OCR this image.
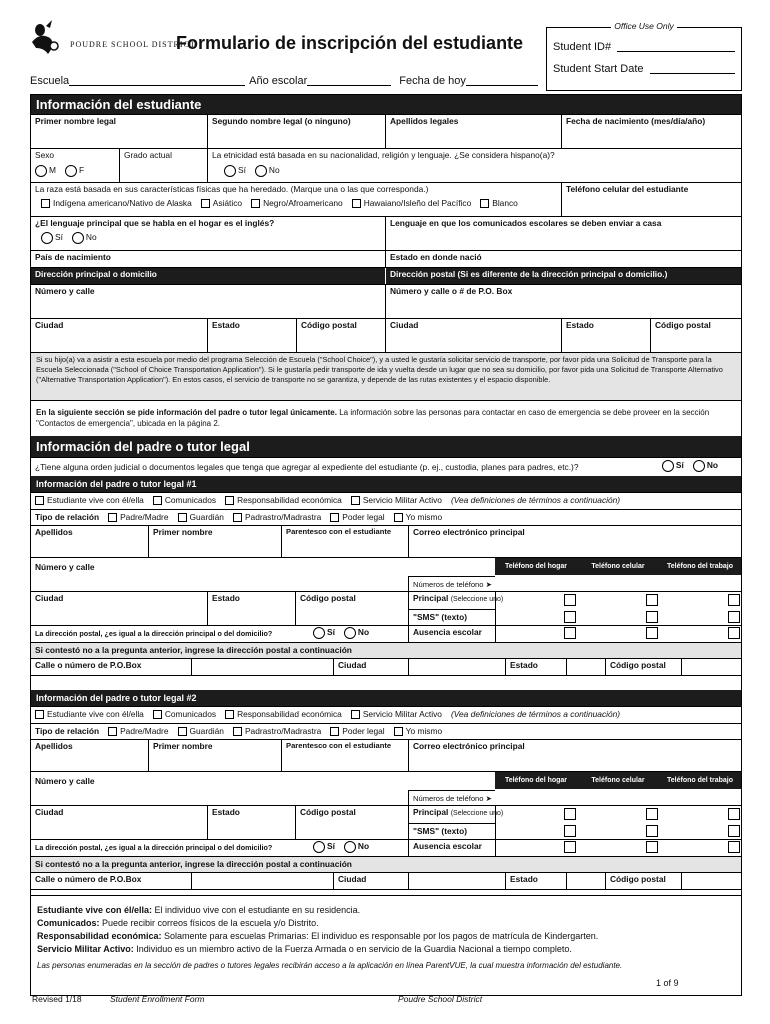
POUDRE SCHOOL DISTRICT
Formulario de inscripción del estudiante
Office Use Only
Student ID#
Student Start Date
Escuela	Año escolar	Fecha de hoy
Información del estudiante
Primer nombre legal	Segundo nombre legal (o ninguno)	Apellidos legales	Fecha de nacimiento (mes/día/año)
Sexo
M	F
Grado actual	La etnicidad está basada en su nacionalidad, religión y lenguaje. ¿Se considera hispano(a)?
Sí	No
La raza está basada en sus características físicas que ha heredado. (Marque una o las que corresponda.)
Indígena americano/Nativo de Alaska	Asiático	Negro/Afroamericano	Hawaiano/Isleño del Pacífico	Blanco
Teléfono celular del estudiante
¿El lenguaje principal que se habla en el hogar es el inglés?
Sí	No
Lenguaje en que los comunicados escolares se deben enviar a casa
País de nacimiento	Estado en donde nació
Dirección principal o domicilio	Dirección postal (Si es diferente de la dirección principal o domicilio.)
Número y calle	Número y calle o # de P.O. Box
Ciudad	Estado	Código postal	Ciudad	Estado	Código postal
Si su hijo(a) va a asistir a esta escuela por medio del programa Selección de Escuela ("School Choice"), y a usted le gustaría solicitar servicio de transporte, por favor pida una Solicitud de Transporte para la Escuela Seleccionada ("School of Choice Transportation Application"). Si le gustaría pedir transporte de ida y vuelta desde un lugar que no sea su domicilio, por favor pida una Solicitud de Transporte Alternativo ("Alternative Transportation Application"). En estos casos, el servicio de transporte no se garantiza, y depende de las rutas existentes y el espacio disponible.
En la siguiente sección se pide información del padre o tutor legal únicamente. La información sobre las personas para contactar en caso de emergencia se debe proveer en la sección "Contactos de emergencia", ubicada en la página 2.
Información del padre o tutor legal
¿Tiene alguna orden judicial o documentos legales que tenga que agregar al expediente del estudiante (p. ej., custodia, planes para padres, etc.)?	Sí	No
Información del padre o tutor legal #1
Estudiante vive con él/ella	Comunicados	Responsabilidad económica	Servicio Militar Activo (Vea definiciones de términos a continuación)
Tipo de relación	Padre/Madre	Guardián	Padrastro/Madrastra	Poder legal	Yo mismo
Apellidos	Primer nombre	Parentesco con el estudiante	Correo electrónico principal
Número y calle
Números de teléfono ➤
Teléfono del hogar	Teléfono celular	Teléfono del trabajo
Ciudad	Estado	Código postal	Principal (Seleccione uno)
"SMS" (texto)
La dirección postal, ¿es igual a la dirección principal o del domicilio?	Sí	No	Ausencia escolar
Si contestó no a la pregunta anterior, ingrese la dirección postal a continuación
Calle o número de P.O.Box	Ciudad	Estado	Código postal
Información del padre o tutor legal #2
Estudiante vive con él/ella	Comunicados	Responsabilidad económica	Servicio Militar Activo (Vea definiciones de términos a continuación)
Tipo de relación	Padre/Madre	Guardián	Padrastro/Madrastra	Poder legal	Yo mismo
Apellidos	Primer nombre	Parentesco con el estudiante	Correo electrónico principal
Número y calle
Números de teléfono ➤
Teléfono del hogar	Teléfono celular	Teléfono del trabajo
Ciudad	Estado	Código postal	Principal (Seleccione uno)
"SMS" (texto)
La dirección postal, ¿es igual a la dirección principal o del domicilio?	Sí	No	Ausencia escolar
Si contestó no a la pregunta anterior, ingrese la dirección postal a continuación
Calle o número de P.O.Box	Ciudad	Estado	Código postal
Estudiante vive con él/ella: El individuo vive con el estudiante en su residencia.
Comunicados: Puede recibir correos físicos de la escuela y/o Distrito.
Responsabilidad económica: Solamente para escuelas Primarias: El individuo es responsable por los pagos de matrícula de Kindergarten.
Servicio Militar Activo: Individuo es un miembro activo de la Fuerza Armada o en servicio de la Guardia Nacional a tiempo completo.
Las personas enumeradas en la sección de padres o tutores legales recibirán acceso a la aplicación en línea ParentVUE, la cual muestra información del estudiante.
Revised 1/18	Student Enrollment Form	Poudre School District
1 of 9
